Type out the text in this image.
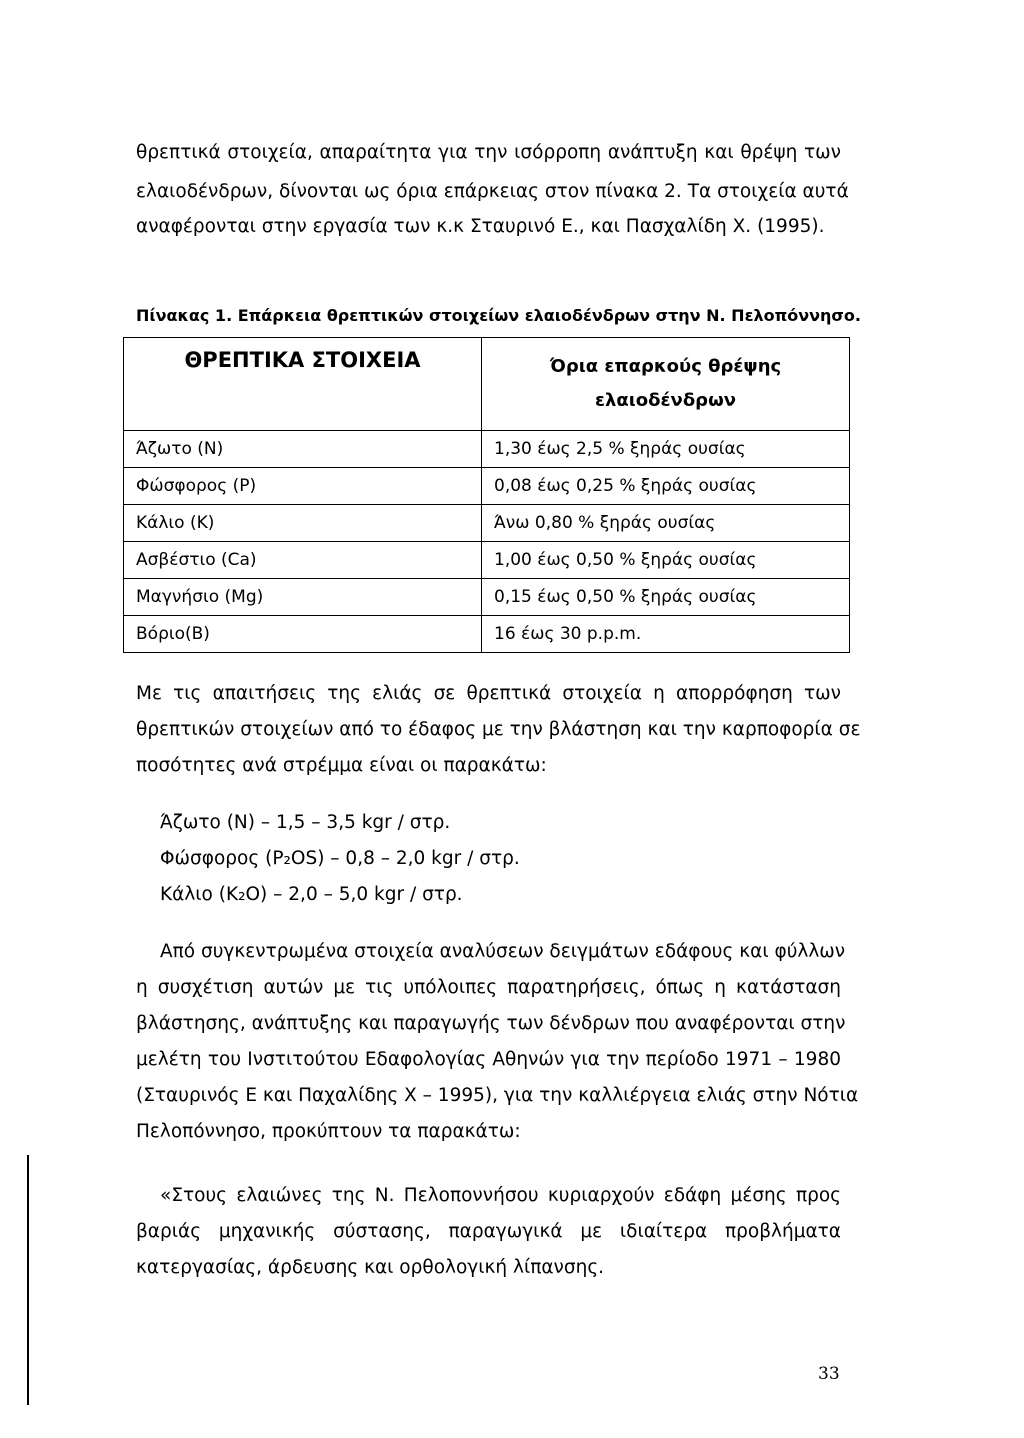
θρεπτικά στοιχεία, απαραίτητα για την ισόρροπη ανάπτυξη και θρέψη των
ελαιοδένδρων, δίνονται ως όρια επάρκειας στον πίνακα 2. Τα στοιχεία αυτά
αναφέρονται στην εργασία των κ.κ Σταυρινό Ε., και Πασχαλίδη Χ. (1995).
Πίνακας 1. Επάρκεια θρεπτικών στοιχείων ελαιοδένδρων στην Ν. Πελοπόννησο.
ΘΡΕΠΤΙΚΑ ΣΤΟΙΧΕΙΑ	Όρια επαρκούς θρέψης ελαιοδένδρων
Άζωτο (Ν)	1,30 έως 2,5 % ξηράς ουσίας
Φώσφορος (Ρ)	0,08 έως 0,25 % ξηράς ουσίας
Κάλιο (Κ)	Άνω 0,80 % ξηράς ουσίας
Ασβέστιο (Ca)	1,00 έως 0,50 % ξηράς ουσίας
Μαγνήσιο (Mg)	0,15 έως 0,50 % ξηράς ουσίας
Βόριο(Β)	16 έως 30 p.p.m.
Με τις απαιτήσεις της ελιάς σε θρεπτικά στοιχεία η απορρόφηση των
θρεπτικών στοιχείων από το έδαφος με την βλάστηση και την καρποφορία σε
ποσότητες ανά στρέμμα είναι οι παρακάτω:
Άζωτο (Ν) – 1,5 – 3,5 kgr / στρ.
Φώσφορος (Ρ₂OS) – 0,8 – 2,0 kgr / στρ.
Κάλιο (Κ₂O) – 2,0 – 5,0 kgr / στρ.
Από συγκεντρωμένα στοιχεία αναλύσεων δειγμάτων εδάφους και φύλλων
η συσχέτιση αυτών με τις υπόλοιπες παρατηρήσεις, όπως η κατάσταση
βλάστησης, ανάπτυξης και παραγωγής των δένδρων που αναφέρονται στην
μελέτη του Ινστιτούτου Εδαφολογίας Αθηνών για την περίοδο 1971 – 1980
(Σταυρινός Ε και Παχαλίδης Χ – 1995), για την καλλιέργεια ελιάς στην Νότια
Πελοπόννησο, προκύπτουν τα παρακάτω:
«Στους ελαιώνες της Ν. Πελοποννήσου κυριαρχούν εδάφη μέσης προς
βαριάς μηχανικής σύστασης, παραγωγικά με ιδιαίτερα προβλήματα
κατεργασίας, άρδευσης και ορθολογική λίπανσης.
33
